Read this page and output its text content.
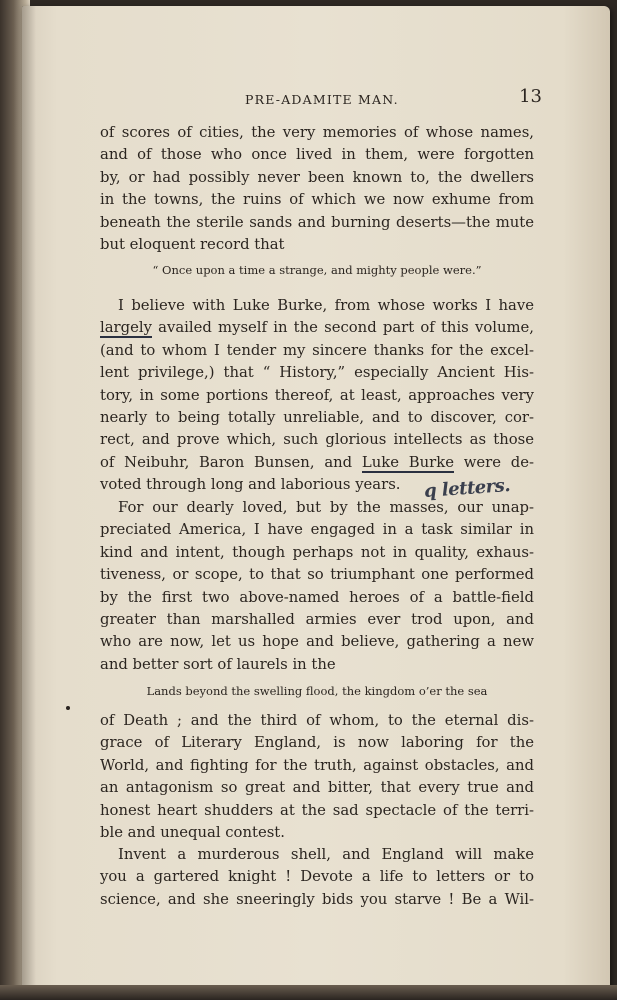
PRE-ADAMITE MAN.	13
of scores of cities, the very memories of whose names,
and of those who once lived in them, were forgotten
by, or had possibly never been known to, the dwellers
in the towns, the ruins of which we now exhume from
beneath the sterile sands and burning deserts—the mute
but eloquent record that
“ Once upon a time a strange, and mighty people were.”
I believe with Luke Burke, from whose works I have
largely availed myself in the second part of this volume,
(and to whom I tender my sincere thanks for the excel-
lent privilege,) that “ History,” especially Ancient His-
tory, in some portions thereof, at least, approaches very
nearly to being totally unreliable, and to discover, cor-
rect, and prove which, such glorious intellects as those
of Neibuhr, Baron Bunsen, and Luke Burke were de-
voted through long and laborious years.	q letters.
For our dearly loved, but by the masses, our unap-
preciated America, I have engaged in a task similar in
kind and intent, though perhaps not in quality, exhaus-
tiveness, or scope, to that so triumphant one performed
by the first two above-named heroes of a battle-field
greater than marshalled armies ever trod upon, and
who are now, let us hope and believe, gathering a new
and better sort of laurels in the
Lands beyond the swelling flood, the kingdom o’er the sea
of Death ; and the third of whom, to the eternal dis-
grace of Literary England, is now laboring for the
World, and fighting for the truth, against obstacles, and
an antagonism so great and bitter, that every true and
honest heart shudders at the sad spectacle of the terri-
ble and unequal contest.
Invent a murderous shell, and England will make
you a gartered knight ! Devote a life to letters or to
science, and she sneeringly bids you starve ! Be a Wil-
